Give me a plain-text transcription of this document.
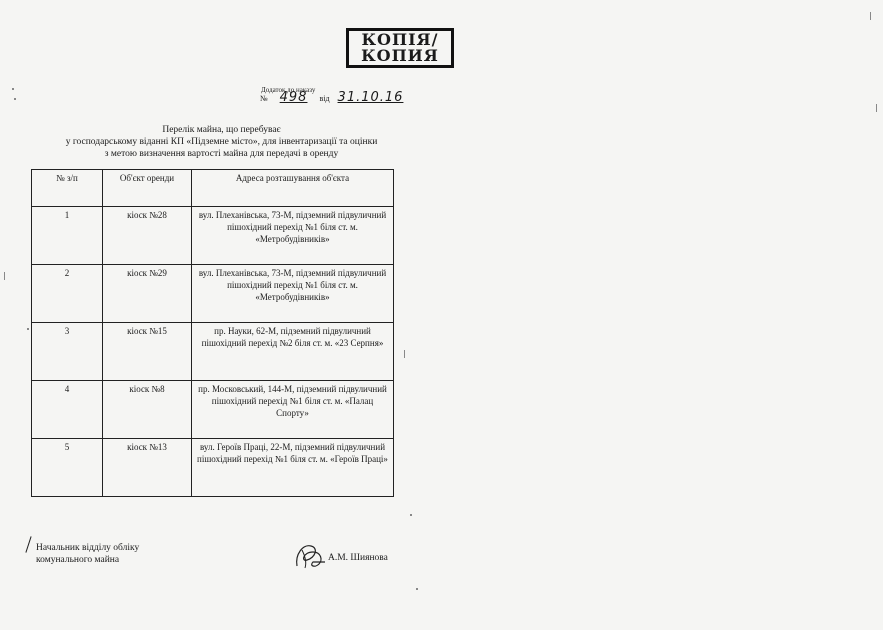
КОПІЯ/
КОПИЯ
Додаток до наказу
№ 498 від 31.10.16
Перелік майна, що перебуває
у господарському віданні КП «Підземне місто», для інвентаризації та оцінки
з метою визначення вартості майна для передачі в оренду
№ з/п	Об'єкт оренди	Адреса розташування об'єкта
1	кіоск №28	вул. Плеханівська, 73-М, підземний підвуличний пішохідний перехід №1 біля ст. м. «Метробудівників»
2	кіоск №29	вул. Плеханівська, 73-М, підземний підвуличний пішохідний перехід №1 біля ст. м. «Метробудівників»
3	кіоск №15	пр. Науки, 62-М, підземний підвуличний пішохідний перехід №2 біля ст. м. «23 Серпня»
4	кіоск №8	пр. Московський, 144-М, підземний підвуличний пішохідний перехід №1 біля ст. м. «Палац Спорту»
5	кіоск №13	вул. Героїв Праці, 22-М, підземний підвуличний пішохідний перехід №1 біля ст. м. «Героїв Праці»
Начальник відділу обліку
комунального майна	А.М. Шиянова
